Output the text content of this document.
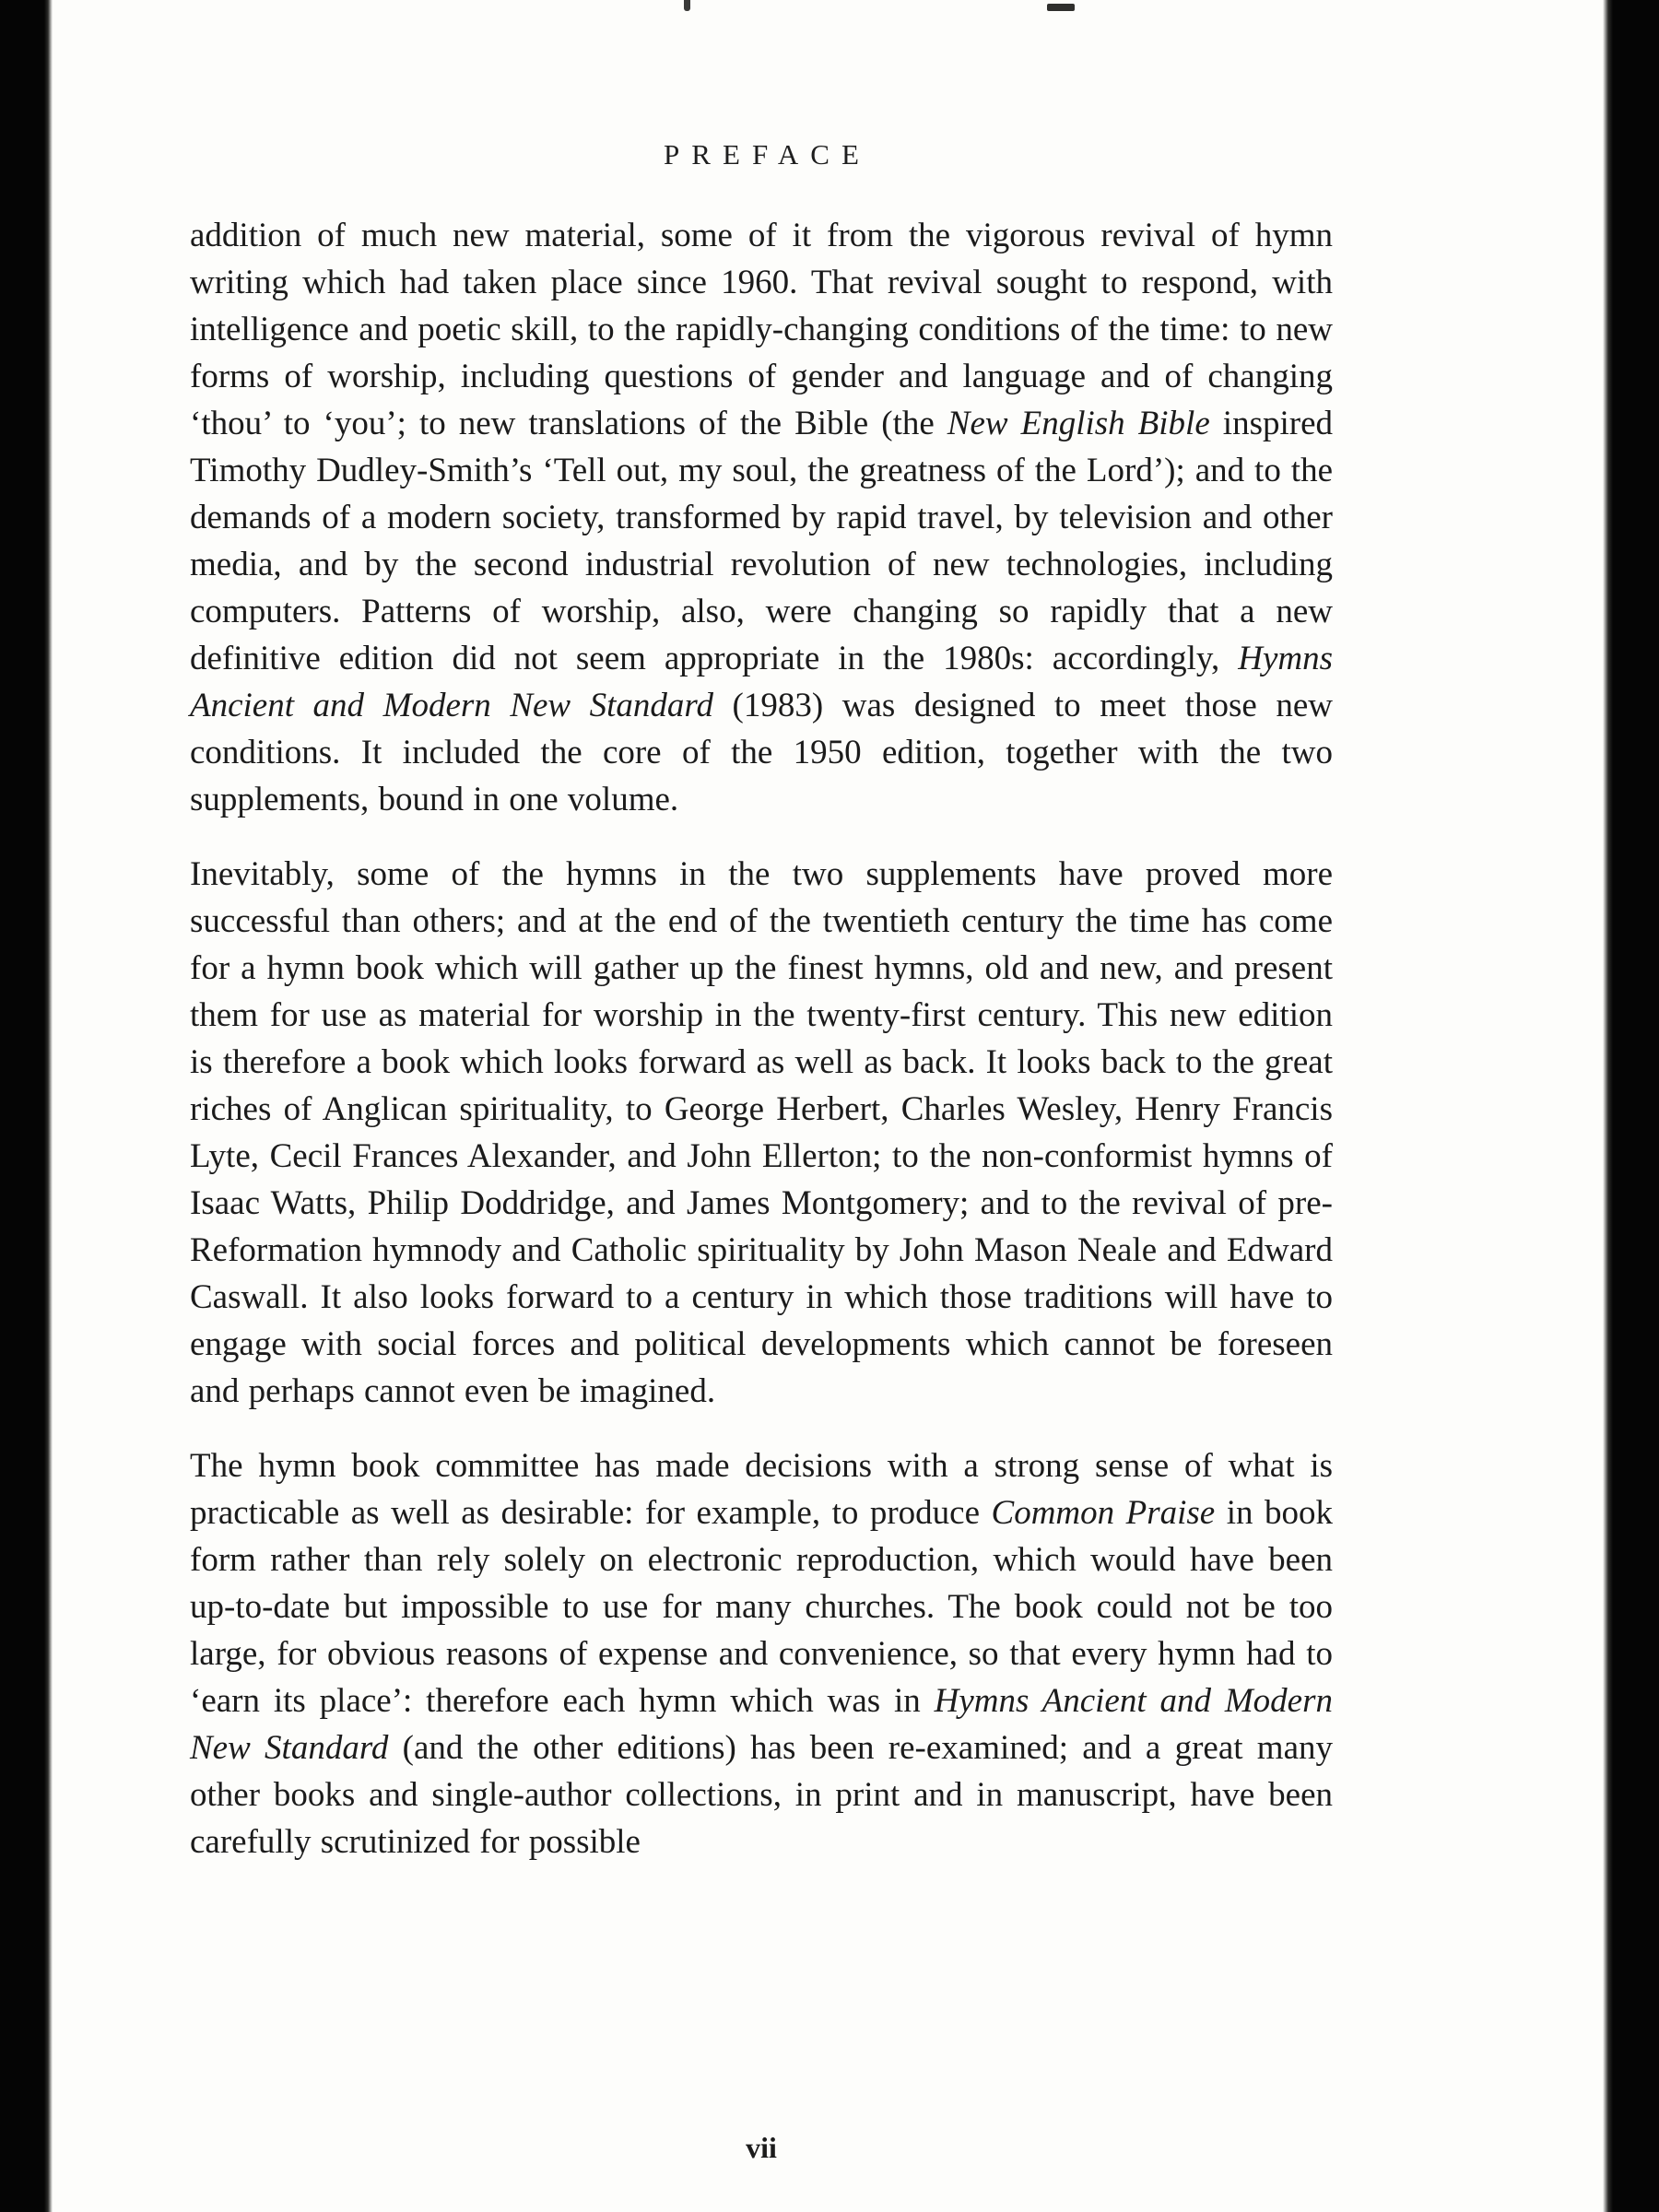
PREFACE

addition of much new material, some of it from the vigorous revival of hymn writing which had taken place since 1960. That revival sought to respond, with intelligence and poetic skill, to the rapidly-changing conditions of the time: to new forms of worship, including questions of gender and language and of changing ‘thou’ to ‘you’; to new translations of the Bible (the New English Bible inspired Timothy Dudley-Smith’s ‘Tell out, my soul, the greatness of the Lord’); and to the demands of a modern society, transformed by rapid travel, by television and other media, and by the second industrial revolution of new technologies, including computers. Patterns of worship, also, were changing so rapidly that a new definitive edition did not seem appropriate in the 1980s: accordingly, Hymns Ancient and Modern New Standard (1983) was designed to meet those new conditions. It included the core of the 1950 edition, together with the two supplements, bound in one volume.

Inevitably, some of the hymns in the two supplements have proved more successful than others; and at the end of the twentieth century the time has come for a hymn book which will gather up the finest hymns, old and new, and present them for use as material for worship in the twenty-first century. This new edition is therefore a book which looks forward as well as back. It looks back to the great riches of Anglican spirituality, to George Herbert, Charles Wesley, Henry Francis Lyte, Cecil Frances Alexander, and John Ellerton; to the non-conformist hymns of Isaac Watts, Philip Doddridge, and James Montgomery; and to the revival of pre-Reformation hymnody and Catholic spirituality by John Mason Neale and Edward Caswall. It also looks forward to a century in which those traditions will have to engage with social forces and political developments which cannot be foreseen and perhaps cannot even be imagined.

The hymn book committee has made decisions with a strong sense of what is practicable as well as desirable: for example, to produce Common Praise in book form rather than rely solely on electronic reproduction, which would have been up-to-date but impossible to use for many churches. The book could not be too large, for obvious reasons of expense and convenience, so that every hymn had to ‘earn its place’: therefore each hymn which was in Hymns Ancient and Modern New Standard (and the other editions) has been re-examined; and a great many other books and single-author collections, in print and in manuscript, have been carefully scrutinized for possible

vii
